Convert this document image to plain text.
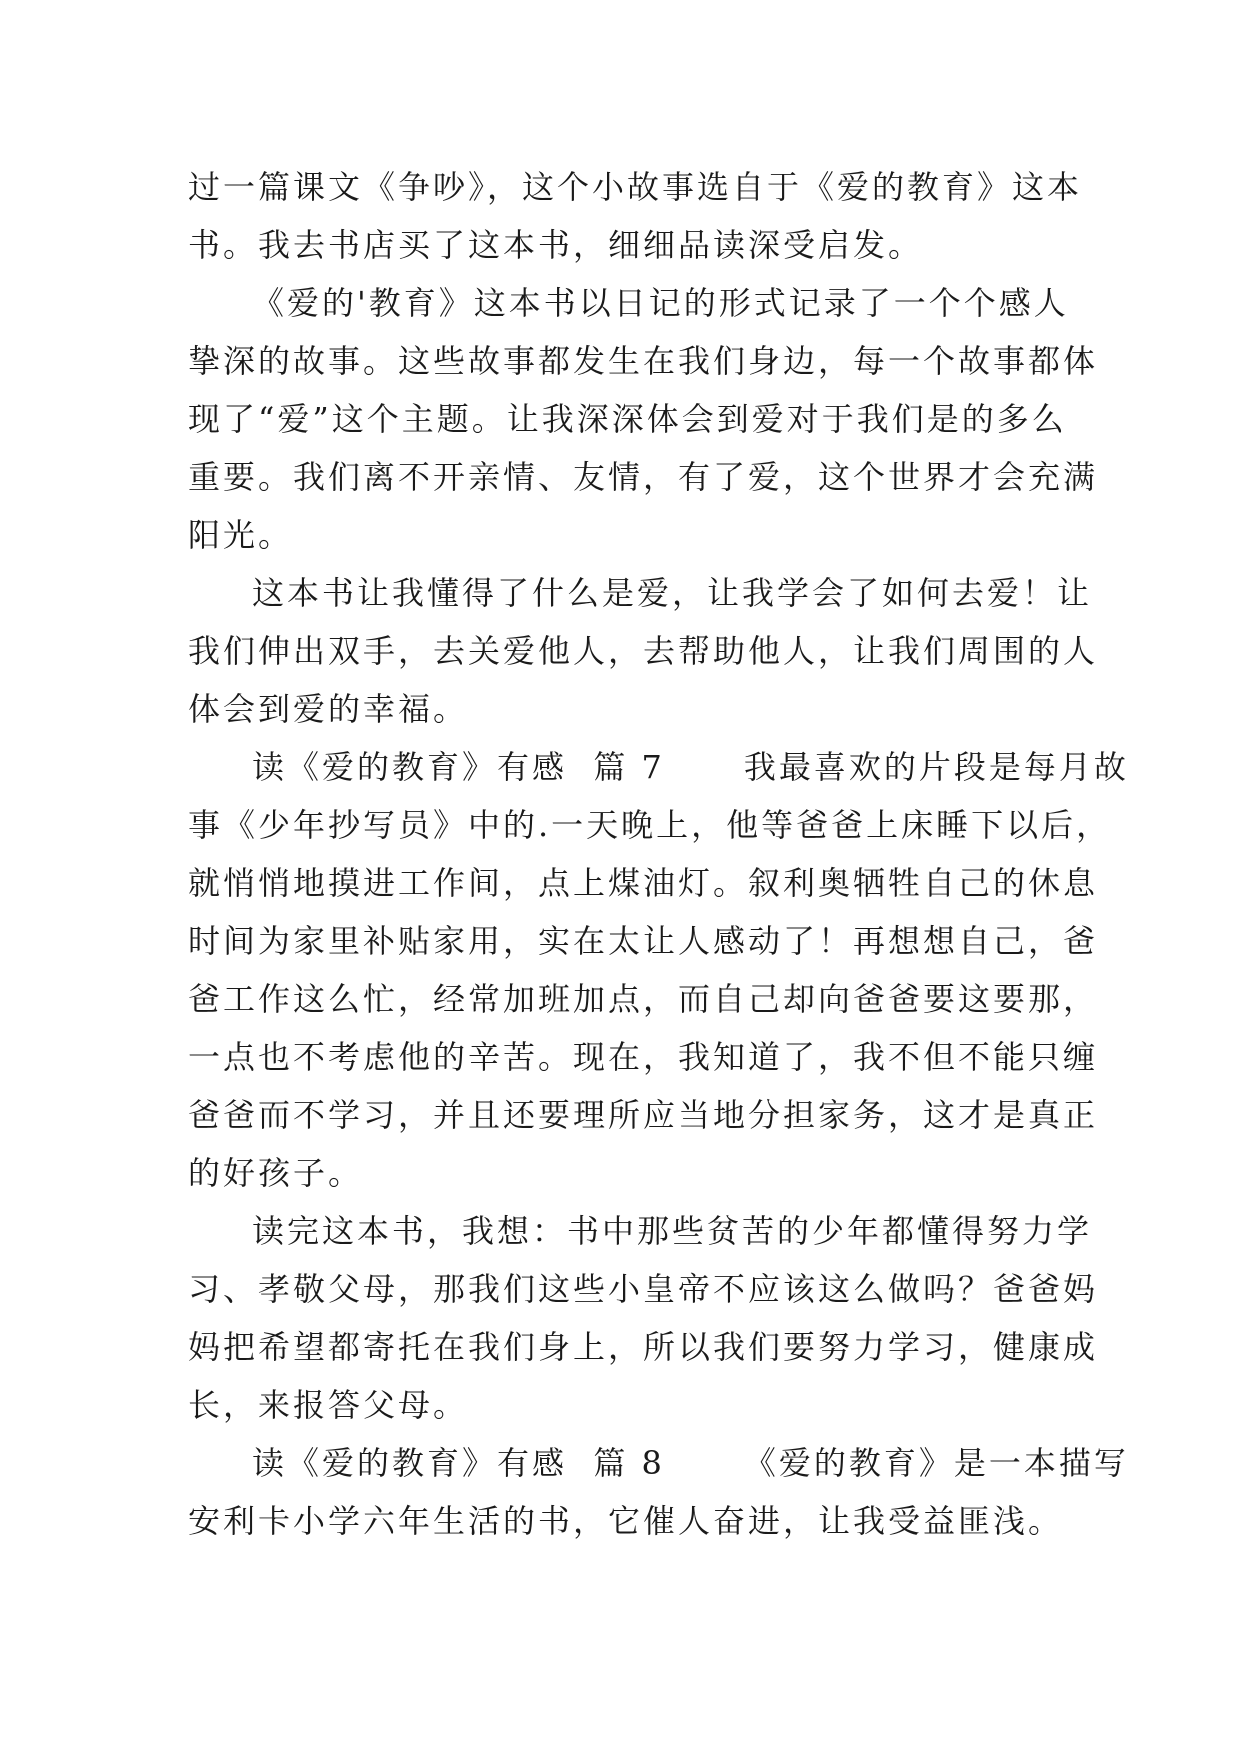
过一篇课文《争吵》，这个小故事选自于《爱的教育》这本
书。我去书店买了这本书，细细品读深受启发。

《爱的'教育》这本书以日记的形式记录了一个个感人
挚深的故事。这些故事都发生在我们身边，每一个故事都体
现了“爱”这个主题。让我深深体会到爱对于我们是的多么
重要。我们离不开亲情、友情，有了爱，这个世界才会充满
阳光。

这本书让我懂得了什么是爱，让我学会了如何去爱！让
我们伸出双手，去关爱他人，去帮助他人，让我们周围的人
体会到爱的幸福。

读《爱的教育》有感  篇 7      我最喜欢的片段是每月故
事《少年抄写员》中的.一天晚上，他等爸爸上床睡下以后，
就悄悄地摸进工作间，点上煤油灯。叙利奥牺牲自己的休息
时间为家里补贴家用，实在太让人感动了！再想想自己，爸
爸工作这么忙，经常加班加点，而自己却向爸爸要这要那，
一点也不考虑他的辛苦。现在，我知道了，我不但不能只缠
爸爸而不学习，并且还要理所应当地分担家务，这才是真正
的好孩子。

读完这本书，我想：书中那些贫苦的少年都懂得努力学
习、孝敬父母，那我们这些小皇帝不应该这么做吗？爸爸妈
妈把希望都寄托在我们身上，所以我们要努力学习，健康成
长，来报答父母。

读《爱的教育》有感  篇 8      《爱的教育》是一本描写
安利卡小学六年生活的书，它催人奋进，让我受益匪浅。
